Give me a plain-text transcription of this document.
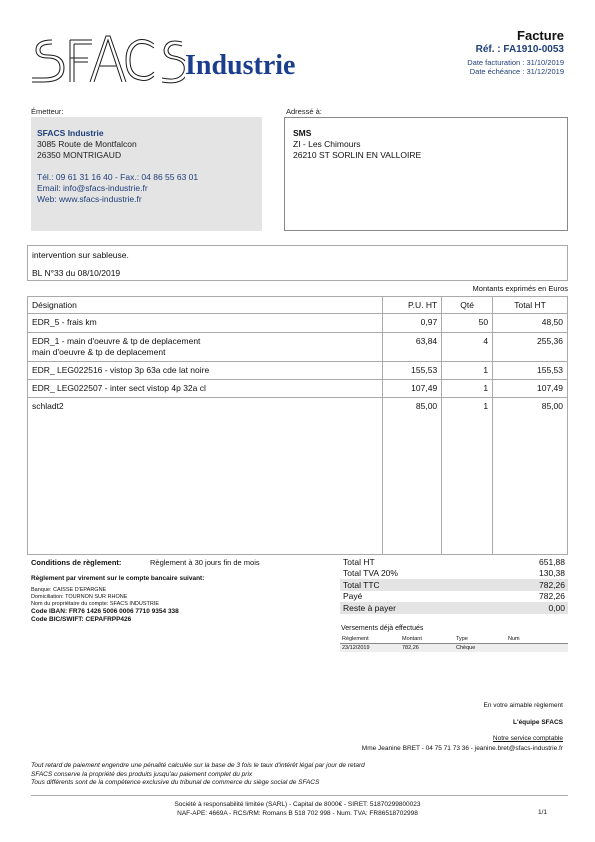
Industrie
Facture
Réf. : FA1910-0053
Date facturation : 31/10/2019
Date échéance : 31/12/2019
Émetteur:
SFACS Industrie
3085 Route de Montfalcon
26350 MONTRIGAUD
Tél.: 09 61 31 16 40 - Fax.: 04 86 55 63 01
Email: info@sfacs-industrie.fr
Web: www.sfacs-industrie.fr
Adressé à:
SMS
ZI - Les Chimours
26210 ST SORLIN EN VALLOIRE
intervention sur sableuse.
BL N°33 du 08/10/2019
Montants exprimés en Euros
Désignation	P.U. HT	Qté	Total HT
EDR_5 - frais km	0,97	50	48,50

EDR_1 - main d'oeuvre & tp de deplacement
main d'oeuvre & tp de deplacement	63,84	4	255,36
EDR_ LEG022516 - vistop 3p 63a cde lat noire	155,53	1	155,53
EDR_ LEG022507 - inter sect vistop 4p 32a cl	107,49	1	107,49
schladt2	85,00	1	85,00
Conditions de règlement:	Règlement à 30 jours fin de mois
Règlement par virement sur le compte bancaire suivant:
Banque: CAISSE D'EPARGNE
Domiciliation: TOURNON SUR RHONE
Nom du propriétaire du compte: SFACS INDUSTRIE
Code IBAN: FR76 1426 5006 0006 7710 9354 338
Code BIC/SWIFT: CEPAFRPP426
Total HT	651,88
Total TVA 20%	130,38
Total TTC	782,26
Payé	782,26
Reste à payer	0,00
Versements déjà effectués
Règlement	Montant	Type	Num
23/12/2019	782,26	Chèque	
En votre aimable règlement
L'équipe SFACS
Notre service comptable
Mme Jeanine BRET - 04 75 71 73 36 - jeanine.bret@sfacs-industrie.fr
Tout retard de paiement engendre une pénalité calculée sur la base de 3 fois le taux d'intérêt légal par jour de retard
SFACS conserve la propriété des produits jusqu'au paiement complet du prix
Tous différents sont de la compétence exclusive du tribunal de commerce du siège social de SFACS
Société à responsabilité limitée (SARL) - Capital de 8000€ - SIRET: 51870299800023
NAF-APE: 4669A - RCS/RM: Romans B 518 702 998 - Num. TVA: FR86518702998	1/1
